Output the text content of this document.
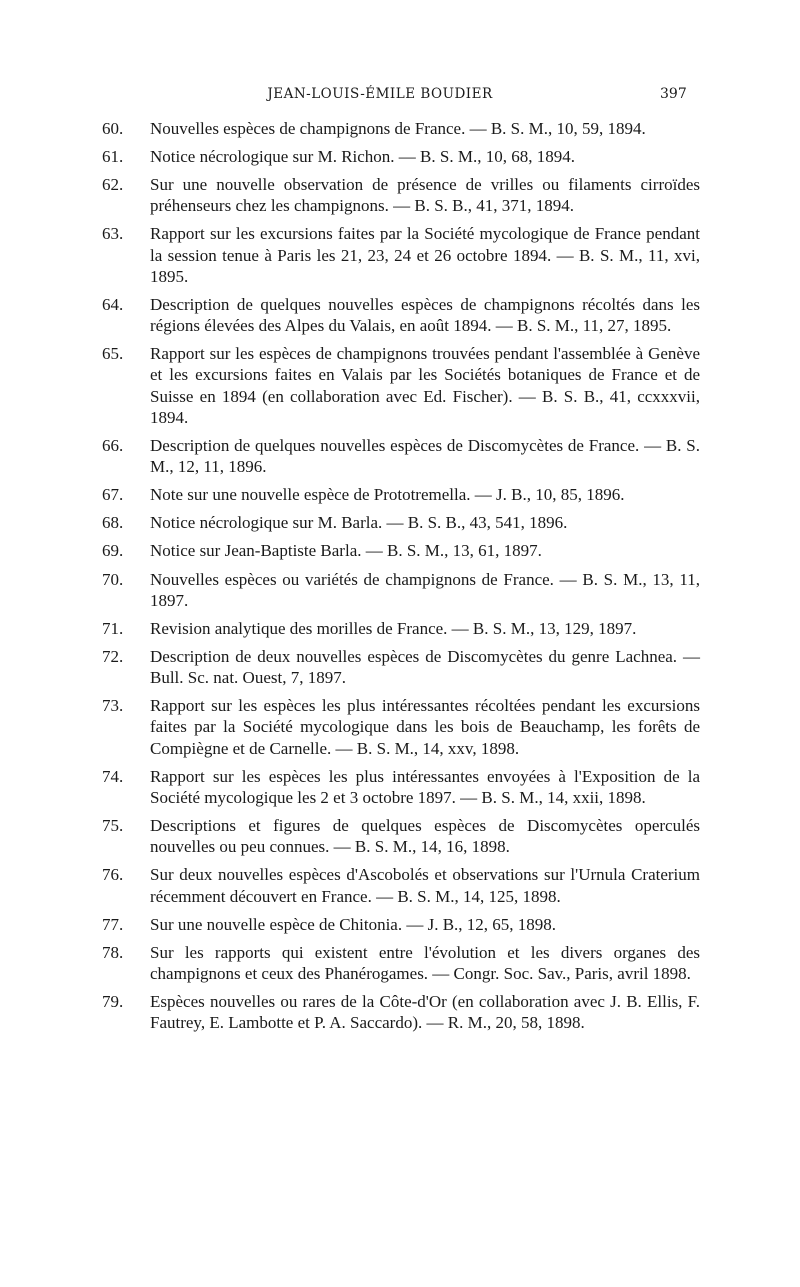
JEAN-LOUIS-ÉMILE BOUDIER	397
60. Nouvelles espèces de champignons de France. — B. S. M., 10, 59, 1894.
61. Notice nécrologique sur M. Richon. — B. S. M., 10, 68, 1894.
62. Sur une nouvelle observation de présence de vrilles ou filaments cirroïdes préhenseurs chez les champignons. — B. S. B., 41, 371, 1894.
63. Rapport sur les excursions faites par la Société mycologique de France pendant la session tenue à Paris les 21, 23, 24 et 26 octobre 1894. — B. S. M., 11, xvi, 1895.
64. Description de quelques nouvelles espèces de champignons récoltés dans les régions élevées des Alpes du Valais, en août 1894. — B. S. M., 11, 27, 1895.
65. Rapport sur les espèces de champignons trouvées pendant l'assemblée à Genève et les excursions faites en Valais par les Sociétés botaniques de France et de Suisse en 1894 (en collaboration avec Ed. Fischer). — B. S. B., 41, ccxxxvii, 1894.
66. Description de quelques nouvelles espèces de Discomycètes de France. — B. S. M., 12, 11, 1896.
67. Note sur une nouvelle espèce de Prototremella. — J. B., 10, 85, 1896.
68. Notice nécrologique sur M. Barla. — B. S. B., 43, 541, 1896.
69. Notice sur Jean-Baptiste Barla. — B. S. M., 13, 61, 1897.
70. Nouvelles espèces ou variétés de champignons de France. — B. S. M., 13, 11, 1897.
71. Revision analytique des morilles de France. — B. S. M., 13, 129, 1897.
72. Description de deux nouvelles espèces de Discomycètes du genre Lachnea. — Bull. Sc. nat. Ouest, 7, 1897.
73. Rapport sur les espèces les plus intéressantes récoltées pendant les excursions faites par la Société mycologique dans les bois de Beauchamp, les forêts de Compiègne et de Carnelle. — B. S. M., 14, xxv, 1898.
74. Rapport sur les espèces les plus intéressantes envoyées à l'Exposition de la Société mycologique les 2 et 3 octobre 1897. — B. S. M., 14, xxii, 1898.
75. Descriptions et figures de quelques espèces de Discomycètes operculés nouvelles ou peu connues. — B. S. M., 14, 16, 1898.
76. Sur deux nouvelles espèces d'Ascobolés et observations sur l'Urnula Craterium récemment découvert en France. — B. S. M., 14, 125, 1898.
77. Sur une nouvelle espèce de Chitonia. — J. B., 12, 65, 1898.
78. Sur les rapports qui existent entre l'évolution et les divers organes des champignons et ceux des Phanérogames. — Congr. Soc. Sav., Paris, avril 1898.
79. Espèces nouvelles ou rares de la Côte-d'Or (en collaboration avec J. B. Ellis, F. Fautrey, E. Lambotte et P. A. Saccardo). — R. M., 20, 58, 1898.
